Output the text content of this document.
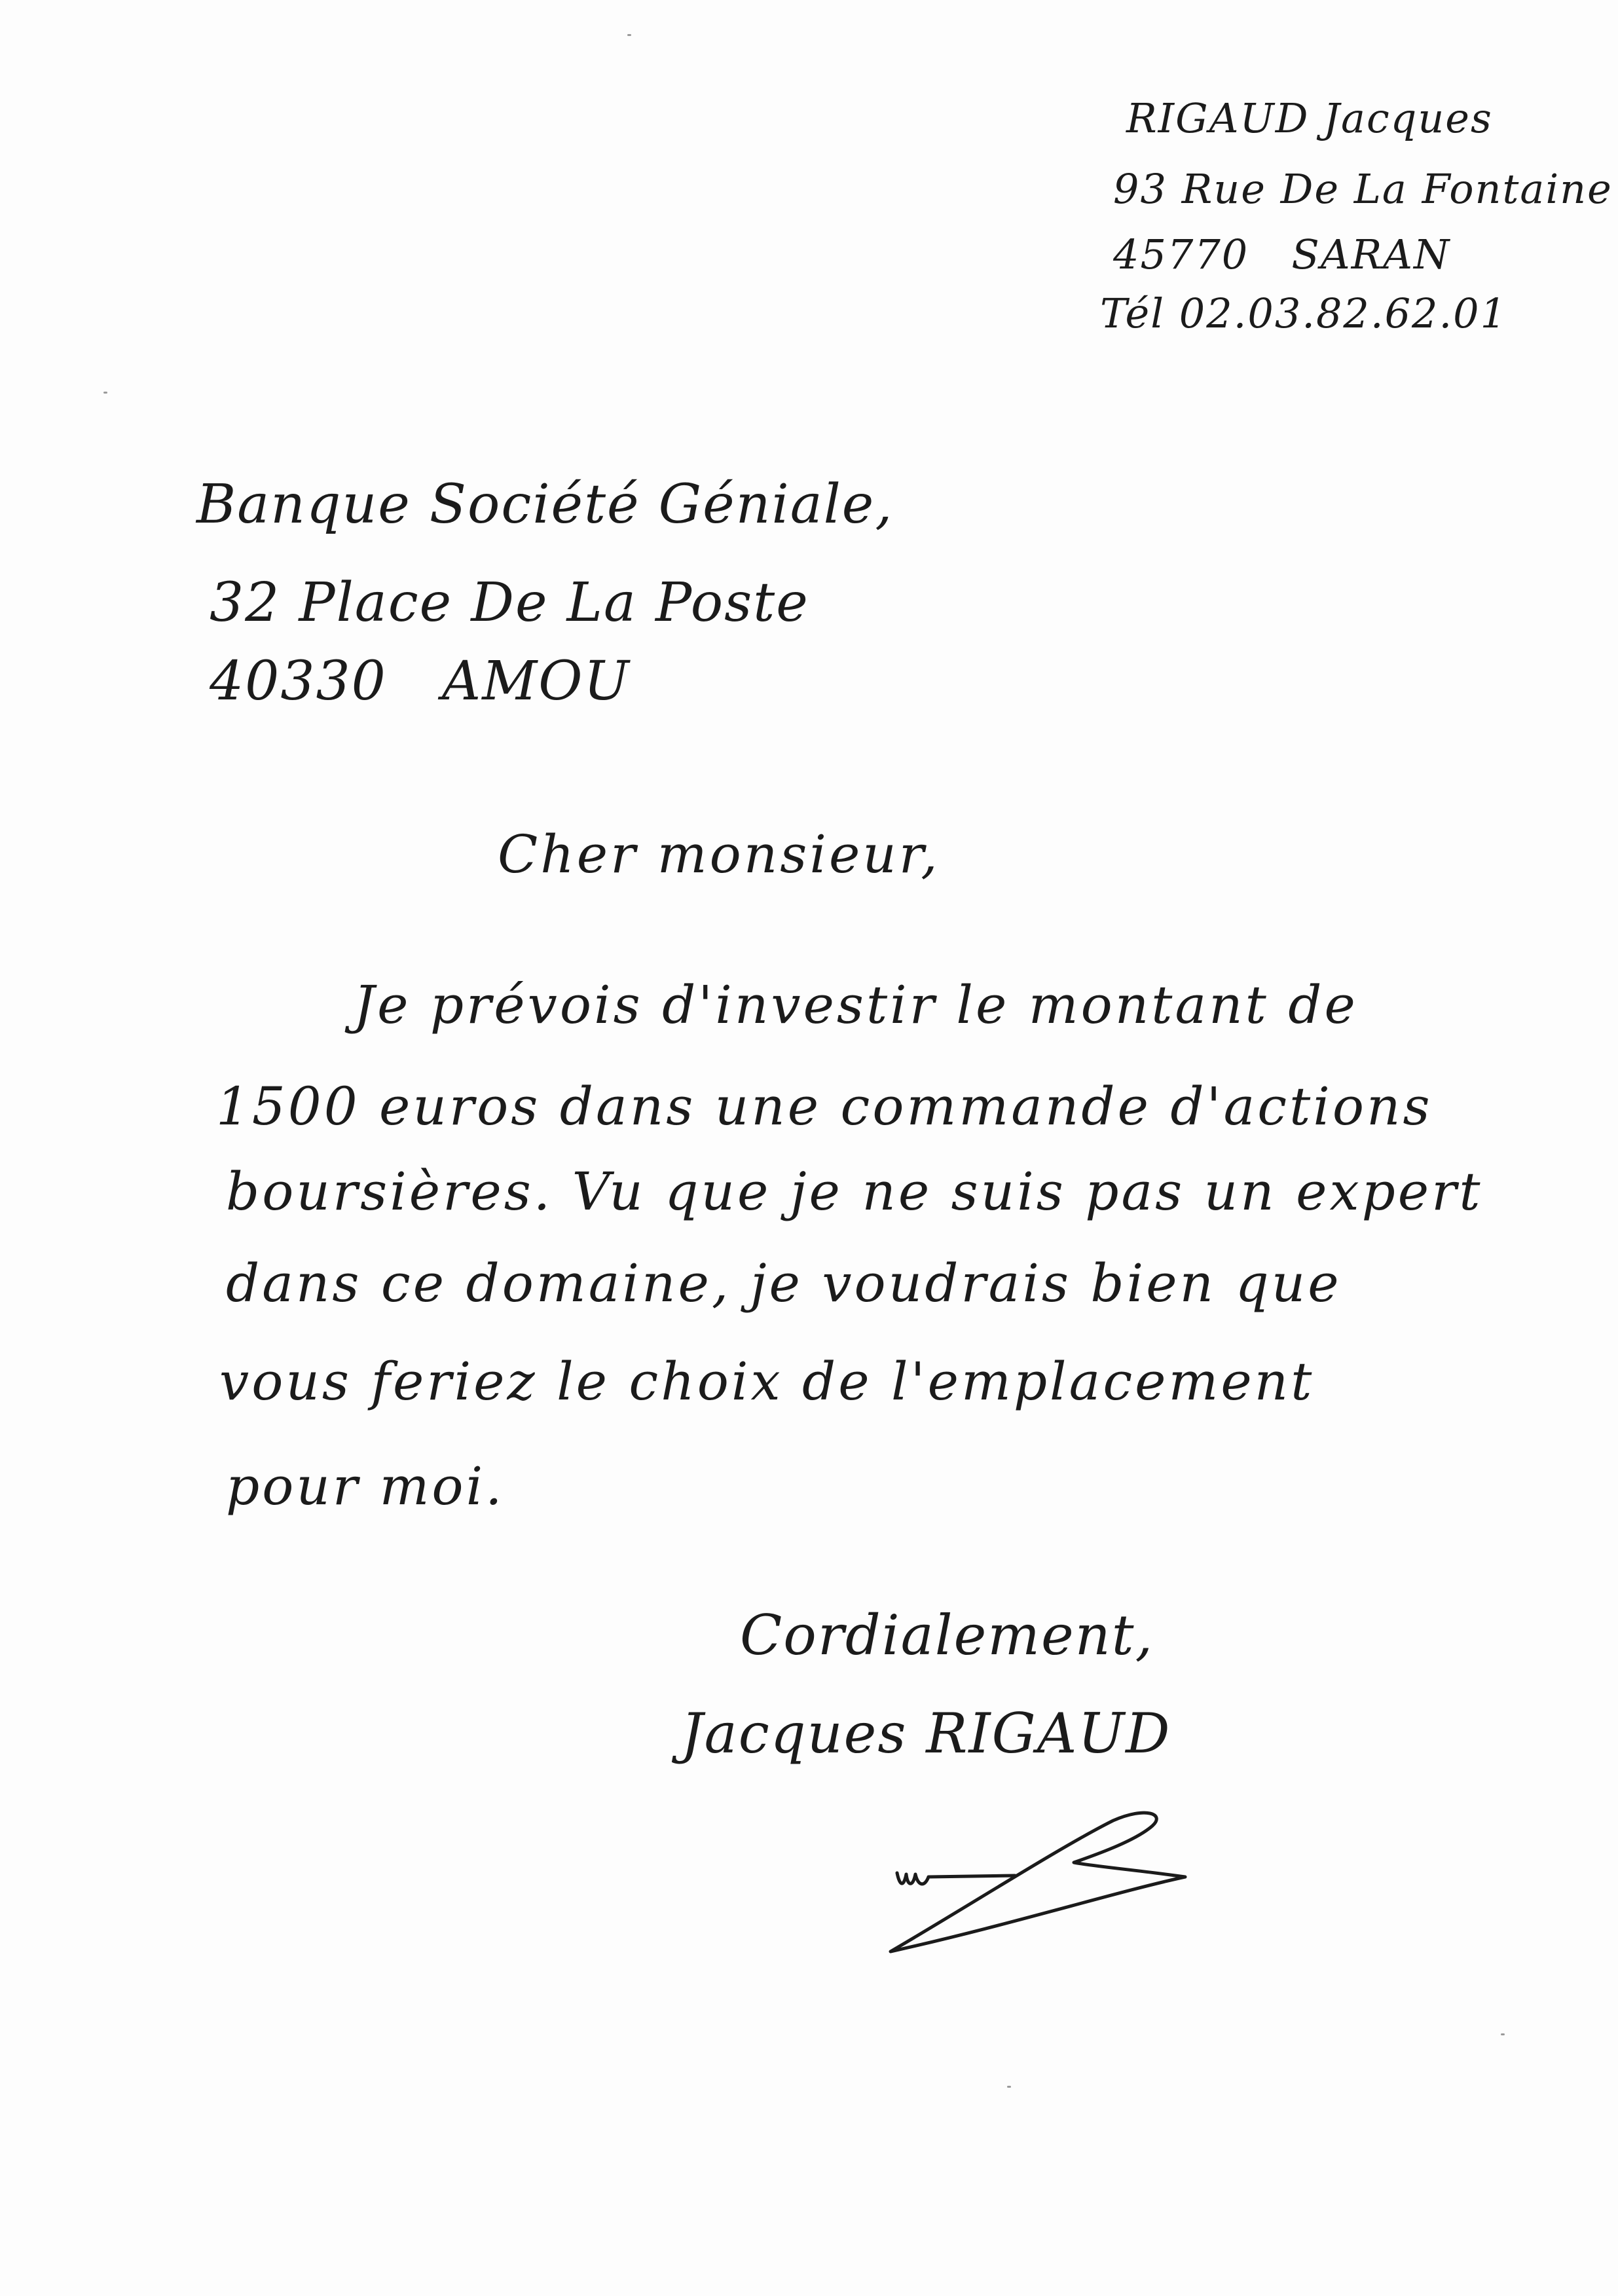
RIGAUD Jacques
93 Rue De La Fontaine
45770   SARAN
Tél 02.03.82.62.01
Banque Société Géniale,
32 Place De La Poste
40330   AMOU
Cher monsieur,
Je prévois d'investir le montant de
1500 euros dans une commande d'actions
boursières. Vu que je ne suis pas un expert
dans ce domaine, je voudrais bien que
vous feriez le choix de l'emplacement
pour moi.
Cordialement,
Jacques RIGAUD
